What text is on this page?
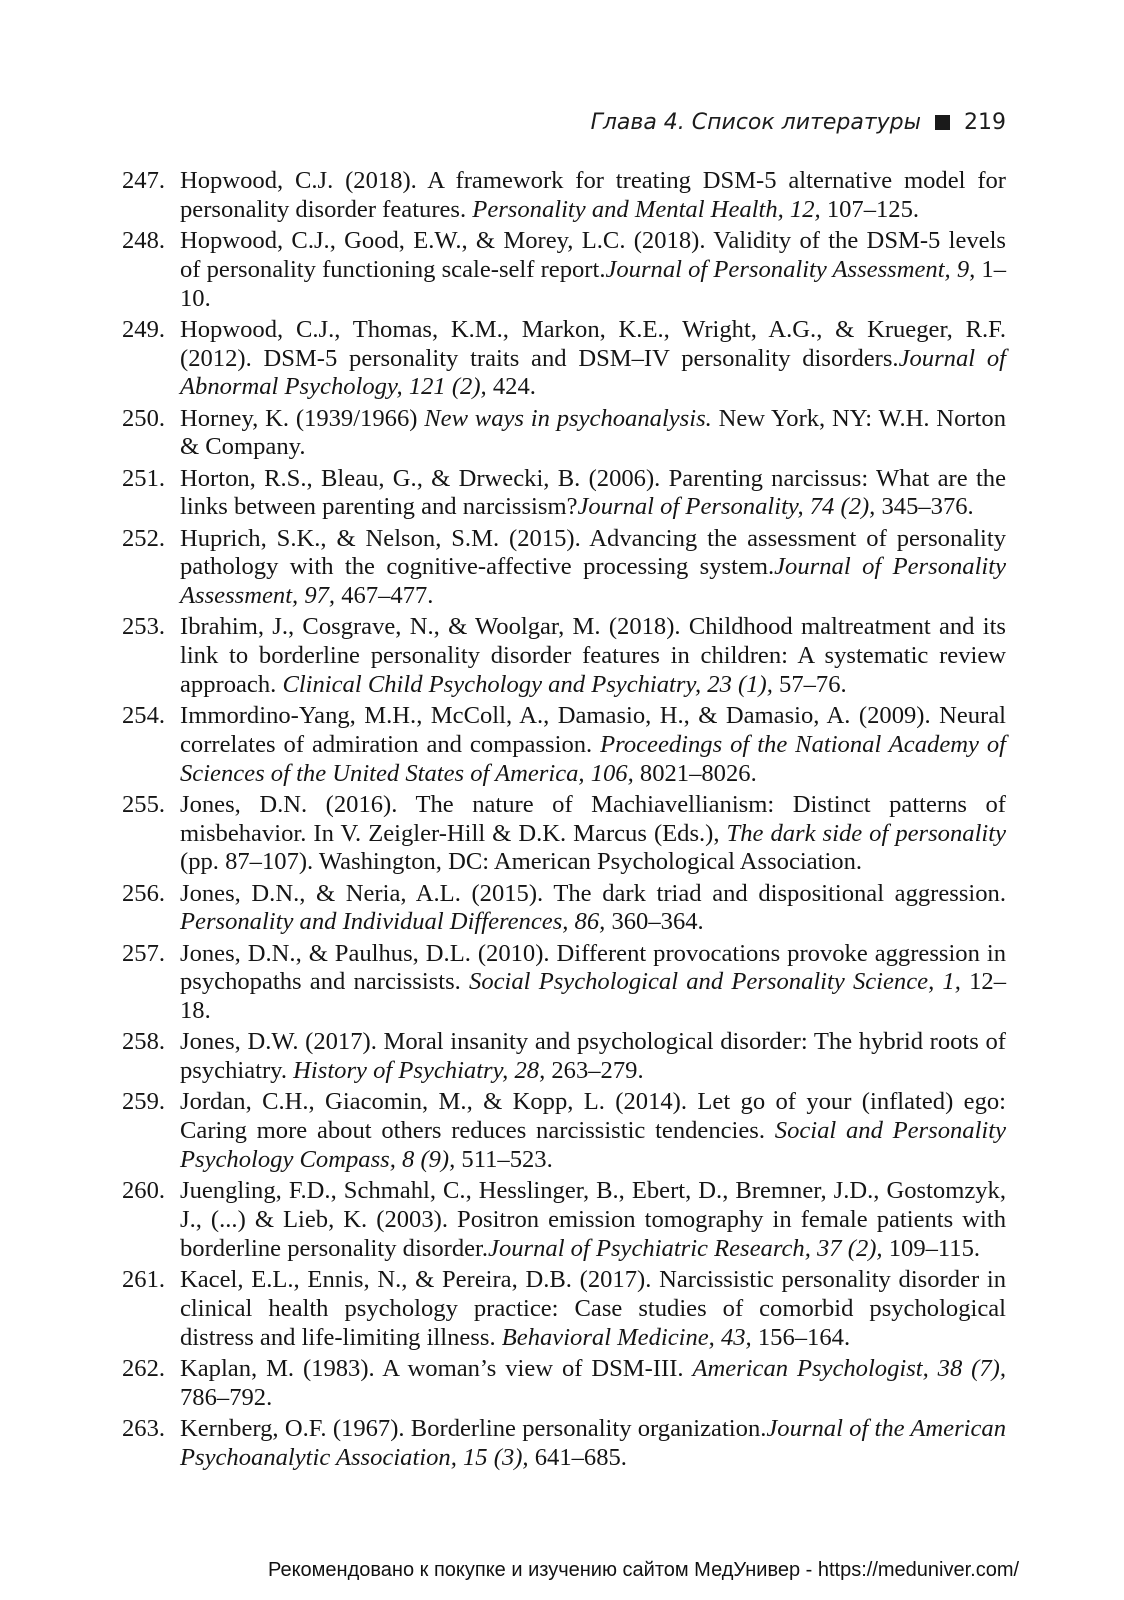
Глава 4. Список литературы 219
247. Hopwood, C.J. (2018). A framework for treating DSM-5 alternative model for personality disorder features. Personality and Mental Health, 12, 107–125.
248. Hopwood, C.J., Good, E.W., & Morey, L.C. (2018). Validity of the DSM-5 levels of personality functioning scale-self report.Journal of Personality Assessment, 9, 1–10.
249. Hopwood, C.J., Thomas, K.M., Markon, K.E., Wright, A.G., & Krueger, R.F. (2012). DSM-5 personality traits and DSM–IV personality disorders.Journal of Abnormal Psychology, 121 (2), 424.
250. Horney, K. (1939/1966) New ways in psychoanalysis. New York, NY: W.H. Norton & Company.
251. Horton, R.S., Bleau, G., & Drwecki, B. (2006). Parenting narcissus: What are the links between parenting and narcissism?Journal of Personality, 74 (2), 345–376.
252. Huprich, S.K., & Nelson, S.M. (2015). Advancing the assessment of personality pathology with the cognitive-affective processing system.Journal of Personality Assessment, 97, 467–477.
253. Ibrahim, J., Cosgrave, N., & Woolgar, M. (2018). Childhood maltreatment and its link to borderline personality disorder features in children: A systematic review approach. Clinical Child Psychology and Psychiatry, 23 (1), 57–76.
254. Immordino-Yang, M.H., McColl, A., Damasio, H., & Damasio, A. (2009). Neural correlates of admiration and compassion. Proceedings of the National Academy of Sciences of the United States of America, 106, 8021–8026.
255. Jones, D.N. (2016). The nature of Machiavellianism: Distinct patterns of misbehavior. In V. Zeigler-Hill & D.K. Marcus (Eds.), The dark side of personality (pp. 87–107). Washington, DC: American Psychological Association.
256. Jones, D.N., & Neria, A.L. (2015). The dark triad and dispositional aggression. Personality and Individual Differences, 86, 360–364.
257. Jones, D.N., & Paulhus, D.L. (2010). Different provocations provoke aggression in psychopaths and narcissists. Social Psychological and Personality Science, 1, 12–18.
258. Jones, D.W. (2017). Moral insanity and psychological disorder: The hybrid roots of psychiatry. History of Psychiatry, 28, 263–279.
259. Jordan, C.H., Giacomin, M., & Kopp, L. (2014). Let go of your (inflated) ego: Caring more about others reduces narcissistic tendencies. Social and Personality Psychology Compass, 8 (9), 511–523.
260. Juengling, F.D., Schmahl, C., Hesslinger, B., Ebert, D., Bremner, J.D., Gostomzyk, J., (...) & Lieb, K. (2003). Positron emission tomography in female patients with borderline personality disorder.Journal of Psychiatric Research, 37 (2), 109–115.
261. Kacel, E.L., Ennis, N., & Pereira, D.B. (2017). Narcissistic personality disorder in clinical health psychology practice: Case studies of comorbid psychological distress and life-limiting illness. Behavioral Medicine, 43, 156–164.
262. Kaplan, M. (1983). A woman’s view of DSM-III. American Psychologist, 38 (7), 786–792.
263. Kernberg, O.F. (1967). Borderline personality organization.Journal of the American Psychoanalytic Association, 15 (3), 641–685.
Рекомендовано к покупке и изучению сайтом МедУнивер - https://meduniver.com/
